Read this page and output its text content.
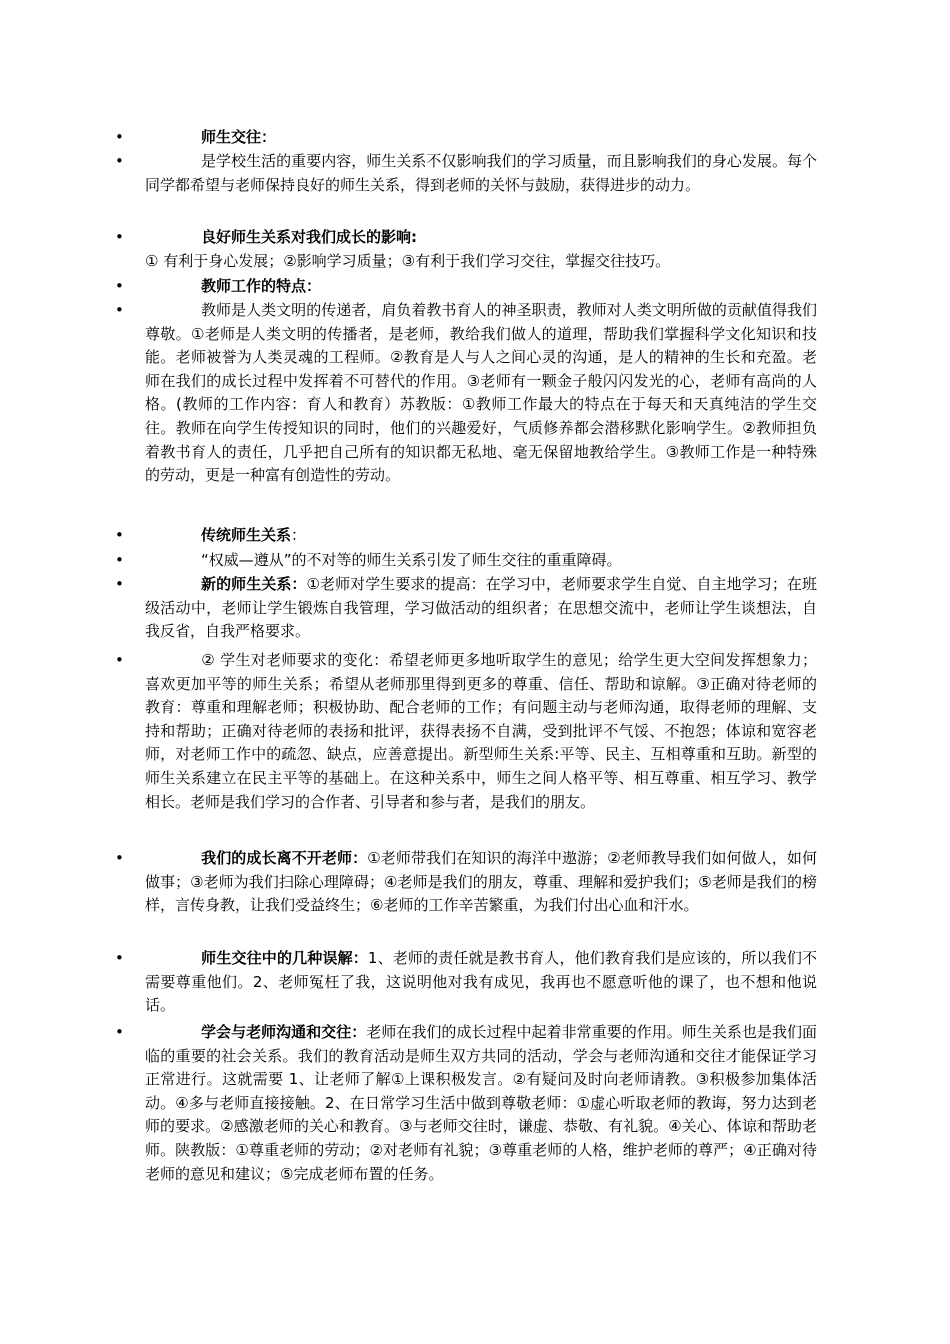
•	师生交往：
•	是学校生活的重要内容，师生关系不仅影响我们的学习质量，而且影响我们的身心发展。每个同学都希望与老师保持良好的师生关系，得到老师的关怀与鼓励，获得进步的动力。
•	良好师生关系对我们成长的影响:
① 有利于身心发展；②影响学习质量；③有利于我们学习交往，掌握交往技巧。
•	教师工作的特点：
•	教师是人类文明的传递者，肩负着教书育人的神圣职责，教师对人类文明所做的贡献值得我们尊敬。①老师是人类文明的传播者，是老师，教给我们做人的道理，帮助我们掌握科学文化知识和技能。老师被誉为人类灵魂的工程师。②教育是人与人之间心灵的沟通，是人的精神的生长和充盈。老师在我们的成长过程中发挥着不可替代的作用。③老师有一颗金子般闪闪发光的心，老师有高尚的人格。(教师的工作内容：育人和教育）苏教版：①教师工作最大的特点在于每天和天真纯洁的学生交往。教师在向学生传授知识的同时，他们的兴趣爱好，气质修养都会潜移默化影响学生。②教师担负着教书育人的责任，几乎把自己所有的知识都无私地、毫无保留地教给学生。③教师工作是一种特殊的劳动，更是一种富有创造性的劳动。
•	传统师生关系：
•	“权威—遵从”的不对等的师生关系引发了师生交往的重重障碍。
•	新的师生关系：①老师对学生要求的提高：在学习中，老师要求学生自觉、自主地学习；在班级活动中，老师让学生锻炼自我管理，学习做活动的组织者；在思想交流中，老师让学生谈想法，自我反省，自我严格要求。
•	② 学生对老师要求的变化：希望老师更多地听取学生的意见；给学生更大空间发挥想象力；喜欢更加平等的师生关系；希望从老师那里得到更多的尊重、信任、帮助和谅解。③正确对待老师的教育：尊重和理解老师；积极协助、配合老师的工作；有问题主动与老师沟通，取得老师的理解、支持和帮助；正确对待老师的表扬和批评，获得表扬不自满，受到批评不气馁、不抱怨；体谅和宽容老师，对老师工作中的疏忽、缺点，应善意提出。新型师生关系:平等、民主、互相尊重和互助。新型的师生关系建立在民主平等的基础上。在这种关系中，师生之间人格平等、相互尊重、相互学习、教学相长。老师是我们学习的合作者、引导者和参与者，是我们的朋友。
•	我们的成长离不开老师：①老师带我们在知识的海洋中遨游；②老师教导我们如何做人，如何做事；③老师为我们扫除心理障碍；④老师是我们的朋友，尊重、理解和爱护我们；⑤老师是我们的榜样，言传身教，让我们受益终生；⑥老师的工作辛苦繁重，为我们付出心血和汗水。
•	师生交往中的几种误解：1、老师的责任就是教书育人，他们教育我们是应该的，所以我们不需要尊重他们。2、老师冤枉了我，这说明他对我有成见，我再也不愿意听他的课了，也不想和他说话。
•	学会与老师沟通和交往：老师在我们的成长过程中起着非常重要的作用。师生关系也是我们面临的重要的社会关系。我们的教育活动是师生双方共同的活动，学会与老师沟通和交往才能保证学习正常进行。这就需要 1、让老师了解①上课积极发言。②有疑问及时向老师请教。③积极参加集体活动。④多与老师直接接触。2、在日常学习生活中做到尊敬老师：①虚心听取老师的教诲，努力达到老师的要求。②感激老师的关心和教育。③与老师交往时，谦虚、恭敬、有礼貌。④关心、体谅和帮助老师。陕教版：①尊重老师的劳动；②对老师有礼貌；③尊重老师的人格，维护老师的尊严；④正确对待老师的意见和建议；⑤完成老师布置的任务。
